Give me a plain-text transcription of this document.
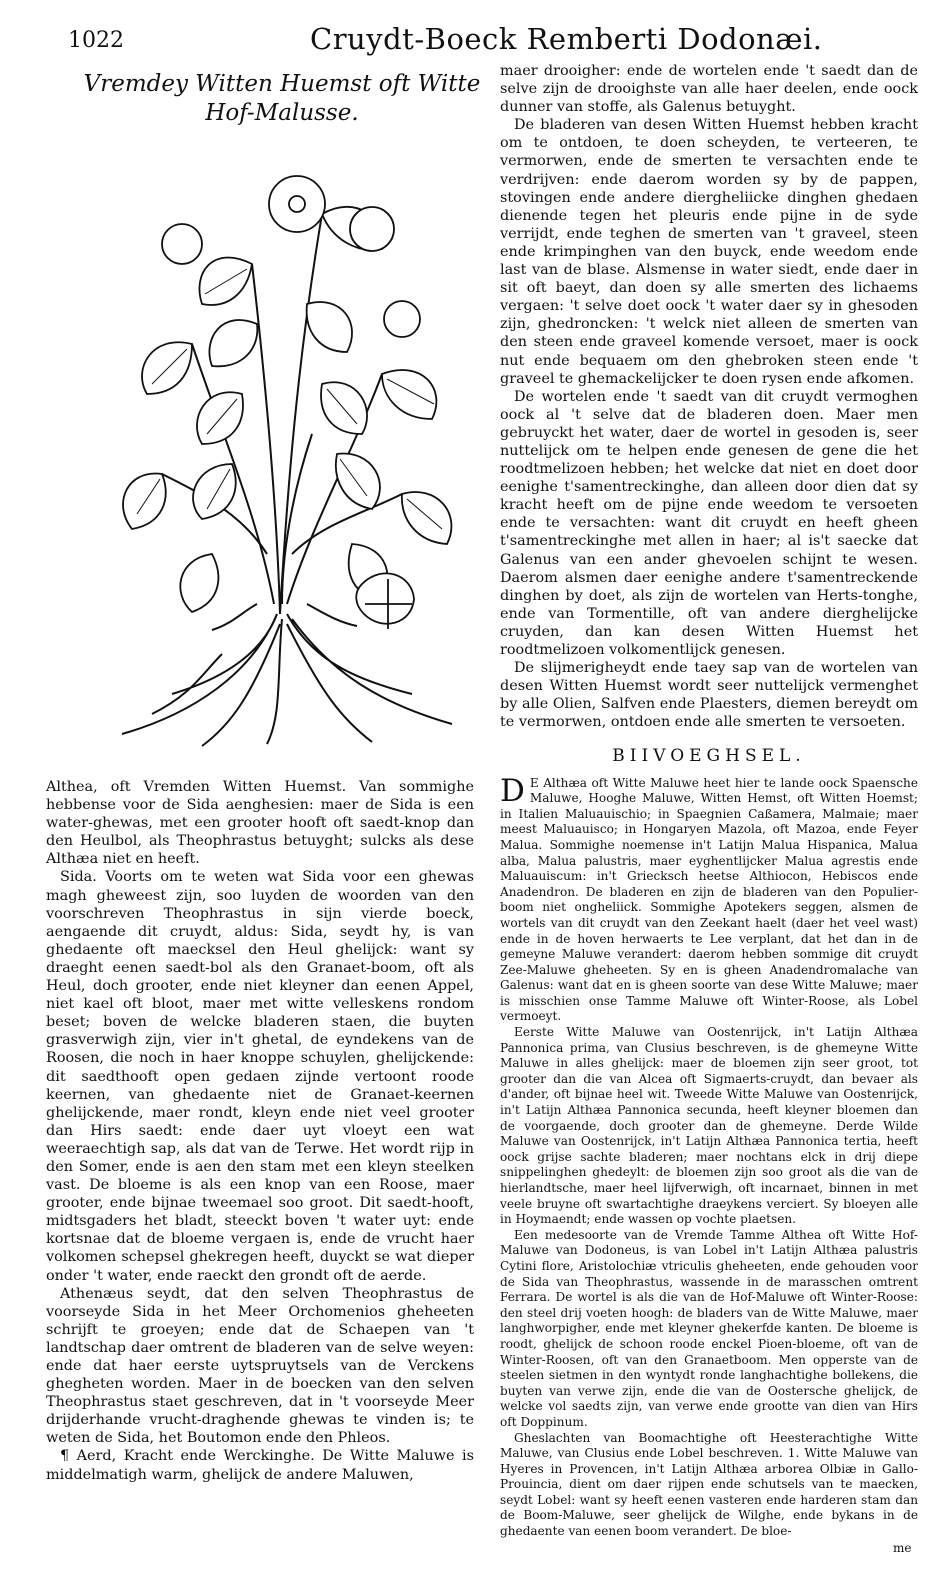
1022	Cruydt-Boeck Remberti Dodonæi.
Vremdey Witten Huemst oft Witte Hof-Malusse.

Althea, oft Vremden Witten Huemst. Van sommighe hebbense voor de Sida aenghesien: maer de Sida is een water-ghewas, met een grooter hooft oft saedt-knop dan den Heulbol, als Theophrastus betuyght; sulcks als dese Althæa niet en heeft.

Sida. Voorts om te weten wat Sida voor een ghewas magh gheweest zijn, soo luyden de woorden van den voorschreven Theophrastus in sijn vierde boeck, aengaende dit cruydt, aldus: Sida, seydt hy, is van ghedaente oft maecksel den Heul ghelijck: want sy draeght eenen saedt-bol als den Granaet-boom, oft als Heul, doch grooter, ende niet kleyner dan eenen Appel, niet kael oft bloot, maer met witte velleskens rondom beset; boven de welcke bladeren staen, die buyten grasverwigh zijn, vier in't ghetal, de eyndekens van de Roosen, die noch in haer knoppe schuylen, ghelijckende: dit saedthooft open gedaen zijnde vertoont roode keernen, van ghedaente niet de Granaet-keernen ghelijckende, maer rondt, kleyn ende niet veel grooter dan Hirs saedt: ende daer uyt vloeyt een wat weeraechtigh sap, als dat van de Terwe. Het wordt rijp in den Somer, ende is aen den stam met een kleyn steelken vast. De bloeme is als een knop van een Roose, maer grooter, ende bijnae tweemael soo groot. Dit saedt-hooft, midtsgaders het bladt, steeckt boven 't water uyt: ende kortsnae dat de bloeme vergaen is, ende de vrucht haer volkomen schepsel ghekregen heeft, duyckt se wat dieper onder 't water, ende raeckt den grondt oft de aerde.

Athenæus seydt, dat den selven Theophrastus de voorseyde Sida in het Meer Orchomenios gheheeten schrijft te groeyen; ende dat de Schaepen van 't landtschap daer omtrent de bladeren van de selve weyen: ende dat haer eerste uytspruytsels van de Verckens ghegheten worden. Maer in de boecken van den selven Theophrastus staet geschreven, dat in 't voorseyde Meer drijderhande vrucht-draghende ghewas te vinden is; te weten de Sida, het Boutomon ende den Phleos.

¶ Aerd, Kracht ende Werckinghe. De Witte Maluwe is middelmatigh warm, ghelijck de andere Maluwen,

maer drooigher: ende de wortelen ende 't saedt dan de selve zijn de drooighste van alle haer deelen, ende oock dunner van stoffe, als Galenus betuyght.

De bladeren van desen Witten Huemst hebben kracht om te ontdoen, te doen scheyden, te verteeren, te vermorwen, ende de smerten te versachten ende te verdrijven: ende daerom worden sy by de pappen, stovingen ende andere diergheliicke dinghen ghedaen dienende tegen het pleuris ende pijne in de syde verrijdt, ende teghen de smerten van 't graveel, steen ende krimpinghen van den buyck, ende weedom ende last van de blase. Alsmense in water siedt, ende daer in sit oft baeyt, dan doen sy alle smerten des lichaems vergaen: 't selve doet oock 't water daer sy in ghesoden zijn, ghedroncken: 't welck niet alleen de smerten van den steen ende graveel komende versoet, maer is oock nut ende bequaem om den ghebroken steen ende 't graveel te ghemackelijcker te doen rysen ende afkomen.

De wortelen ende 't saedt van dit cruydt vermoghen oock al 't selve dat de bladeren doen. Maer men gebruyckt het water, daer de wortel in gesoden is, seer nuttelijck om te helpen ende genesen de gene die het roodtmelizoen hebben; het welcke dat niet en doet door eenighe t'samentreckinghe, dan alleen door dien dat sy kracht heeft om de pijne ende weedom te versoeten ende te versachten: want dit cruydt en heeft gheen t'samentreckinghe met allen in haer; al is't saecke dat Galenus van een ander ghevoelen schijnt te wesen. Daerom alsmen daer eenighe andere t'samentreckende dinghen by doet, als zijn de wortelen van Herts-tonghe, ende van Tormentille, oft van andere dierghelijcke cruyden, dan kan desen Witten Huemst het roodtmelizoen volkomentlijck genesen.

De slijmerigheydt ende taey sap van de wortelen van desen Witten Huemst wordt seer nuttelijck vermenghet by alle Olien, Salfven ende Plaesters, diemen bereydt om te vermorwen, ontdoen ende alle smerten te versoeten.

BIIVOEGHSEL.

D E Althæa oft Witte Maluwe heet hier te lande oock Spaensche Maluwe, Hooghe Maluwe, Witten Hemst, oft Witten Hoemst; in Italien Maluauischio; in Spaegnien Caßamera, Malmaie; maer meest Maluauisco; in Hongaryen Mazola, oft Mazoa, ende Feyer Malua. Sommighe noemense in't Latijn Malua Hispanica, Malua alba, Malua palustris, maer eyghentlijcker Malua agrestis ende Maluauiscum: in't Griecksch heetse Althiocon, Hebiscos ende Anadendron. De bladeren en zijn de bladeren van den Populier-boom niet ongheliick. Sommighe Apotekers seggen, alsmen de wortels van dit cruydt van den Zeekant haelt (daer het veel wast) ende in de hoven herwaerts te Lee verplant, dat het dan in de gemeyne Maluwe verandert: daerom hebben sommige dit cruydt Zee-Maluwe gheheeten. Sy en is gheen Anadendromalache van Galenus: want dat en is gheen soorte van dese Witte Maluwe; maer is misschien onse Tamme Maluwe oft Winter-Roose, als Lobel vermoeyt.

Eerste Witte Maluwe van Oostenrijck, in't Latijn Althæa Pannonica prima, van Clusius beschreven, is de ghemeyne Witte Maluwe in alles ghelijck: maer de bloemen zijn seer groot, tot grooter dan die van Alcea oft Sigmaerts-cruydt, dan bevaer als d'ander, oft bijnae heel wit. Tweede Witte Maluwe van Oostenrijck, in't Latijn Althæa Pannonica secunda, heeft kleyner bloemen dan de voorgaende, doch grooter dan de ghemeyne. Derde Wilde Maluwe van Oostenrijck, in't Latijn Althæa Pannonica tertia, heeft oock grijse sachte bladeren; maer nochtans elck in drij diepe snippelinghen ghedeylt: de bloemen zijn soo groot als die van de hierlandtsche, maer heel lijfverwigh, oft incarnaet, binnen in met veele bruyne oft swartachtighe draeykens verciert. Sy bloeyen alle in Hoymaendt; ende wassen op vochte plaetsen.

Een medesoorte van de Vremde Tamme Althea oft Witte Hof-Maluwe van Dodoneus, is van Lobel in't Latijn Althæa palustris Cytini flore, Aristolochiæ vtriculis gheheeten, ende gehouden voor de Sida van Theophrastus, wassende in de marasschen omtrent Ferrara. De wortel is als die van de Hof-Maluwe oft Winter-Roose: den steel drij voeten hoogh: de bladers van de Witte Maluwe, maer langhworpigher, ende met kleyner ghekerfde kanten. De bloeme is roodt, ghelijck de schoon roode enckel Pioen-bloeme, oft van de Winter-Roosen, oft van den Granaetboom. Men opperste van de steelen sietmen in den wyntydt ronde langhachtighe bollekens, die buyten van verwe zijn, ende die van de Oostersche ghelijck, de welcke vol saedts zijn, van verwe ende grootte van dien van Hirs oft Doppinum.

Gheslachten van Boomachtighe oft Heesterachtighe Witte Maluwe, van Clusius ende Lobel beschreven. 1. Witte Maluwe van Hyeres in Provencen, in't Latijn Althæa arborea Olbiæ in Gallo-Prouincia, dient om daer rijpen ende schutsels van te maecken, seydt Lobel: want sy heeft eenen vasteren ende harderen stam dan de Boom-Maluwe, seer ghelijck de Wilghe, ende bykans in de ghedaente van eenen boom verandert. De bloe-

me
